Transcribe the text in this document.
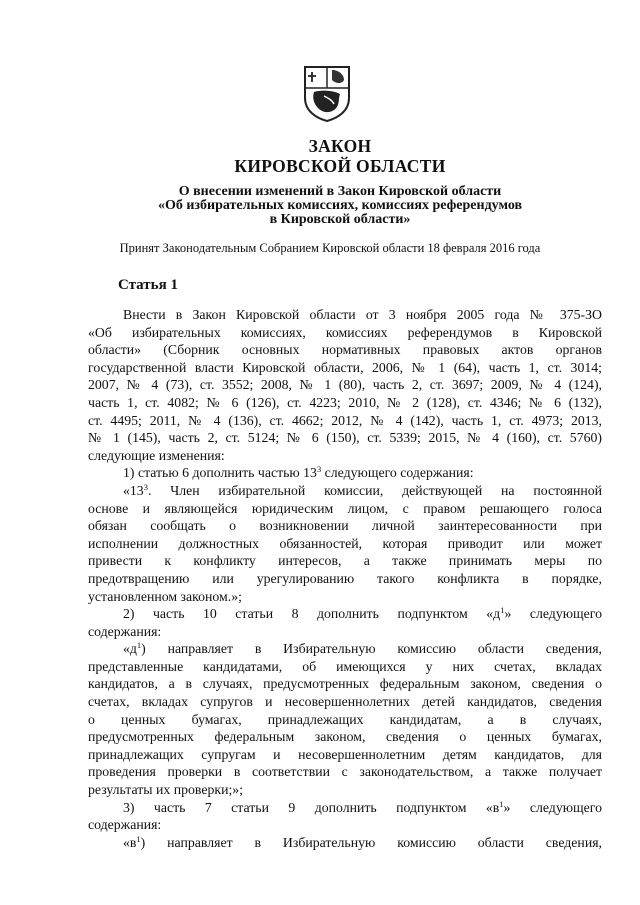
ЗАКОН
КИРОВСКОЙ ОБЛАСТИ
О внесении изменений в Закон Кировской области
«Об избирательных комиссиях, комиссиях референдумов
в Кировской области»
Принят Законодательным Собранием Кировской области 18 февраля 2016 года
Статья 1

Внести в Закон Кировской области от 3 ноября 2005 года № 375-ЗО

«Об избирательных комиссиях, комиссиях референдумов в Кировской

области» (Сборник основных нормативных правовых актов органов

государственной власти Кировской области, 2006, № 1 (64), часть 1, ст. 3014;

2007, № 4 (73), ст. 3552; 2008, № 1 (80), часть 2, ст. 3697; 2009, № 4 (124),

часть 1, ст. 4082; № 6 (126), ст. 4223; 2010, № 2 (128), ст. 4346; № 6 (132),

ст. 4495; 2011, № 4 (136), ст. 4662; 2012, № 4 (142), часть 1, ст. 4973; 2013,

№ 1 (145), часть 2, ст. 5124; № 6 (150), ст. 5339; 2015, № 4 (160), ст. 5760)

следующие изменения:

1) статью 6 дополнить частью $13^3$ следующего содержания:

«$13^3$. Член избирательной комиссии, действующей на постоянной

основе и являющейся юридическим лицом, с правом решающего голоса

обязан сообщать о возникновении личной заинтересованности при

исполнении должностных обязанностей, которая приводит или может

привести к конфликту интересов, а также принимать меры по

предотвращению или урегулированию такого конфликта в порядке,

установленном законом.»;

2) часть 10 статьи 8 дополнить подпунктом «$д^1$» следующего

содержания:

«$д^1$) направляет в Избирательную комиссию области сведения,

представленные кандидатами, об имеющихся у них счетах, вкладах

кандидатов, а в случаях, предусмотренных федеральным законом, сведения о

счетах, вкладах супругов и несовершеннолетних детей кандидатов, сведения

о ценных бумагах, принадлежащих кандидатам, а в случаях,

предусмотренных федеральным законом, сведения о ценных бумагах,

принадлежащих супругам и несовершеннолетним детям кандидатов, для

проведения проверки в соответствии с законодательством, а также получает

результаты их проверки;»;

3) часть 7 статьи 9 дополнить подпунктом «$в^1$» следующего

содержания:

«$в^1$) направляет в Избирательную комиссию области сведения,
